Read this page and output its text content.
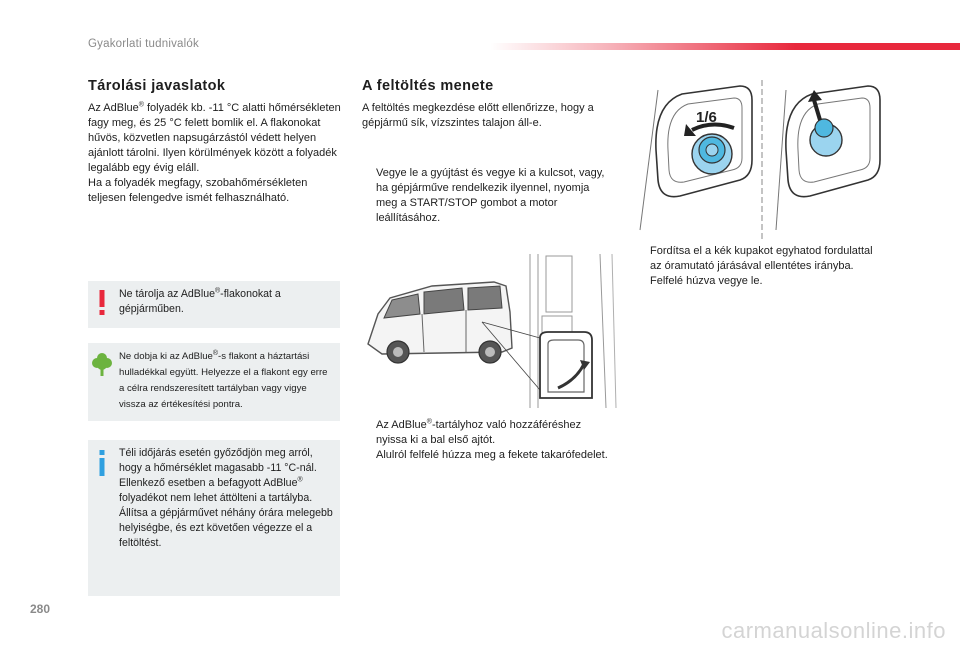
Gyakorlati tudnivalók
Tárolási javaslatok

Az AdBlue® folyadék kb. -11 °C alatti hőmérsékleten fagy meg, és 25 °C felett bomlik el. A flakonokat hűvös, közvetlen napsugárzástól védett helyen ajánlott tárolni. Ilyen körülmények között a folyadék legalább egy évig eláll.
Ha a folyadék megfagy, szobahőmérsékleten teljesen felengedve ismét felhasználható.

Ne tárolja az AdBlue®-flakonokat a gépjárműben.
Ne dobja ki az AdBlue®-s flakont a háztartási hulladékkal együtt. Helyezze el a flakont egy erre a célra rendszeresített tartályban vagy vigye vissza az értékesítési pontra.
Téli időjárás esetén győződjön meg arról, hogy a hőmérséklet magasabb -11 °C-nál. Ellenkező esetben a befagyott AdBlue® folyadékot nem lehet áttölteni a tartályba. Állítsa a gépjárművet néhány órára melegebb helyiségbe, és ezt követően végezze el a feltöltést.
A feltöltés menete

A feltöltés megkezdése előtt ellenőrizze, hogy a gépjármű sík, vízszintes talajon áll-e.

Vegye le a gyújtást és vegye ki a kulcsot, vagy, ha gépjárműve rendelkezik ilyennel, nyomja meg a START/STOP gombot a motor leállításához.
Az AdBlue®-tartályhoz való hozzáféréshez nyissa ki a bal első ajtót.
Alulról felfelé húzza meg a fekete takarófedelet.
1/6
Fordítsa el a kék kupakot egyhatod fordulattal az óramutató járásával ellentétes irányba.
Felfelé húzva vegye le.
280
carmanualsonline.info
